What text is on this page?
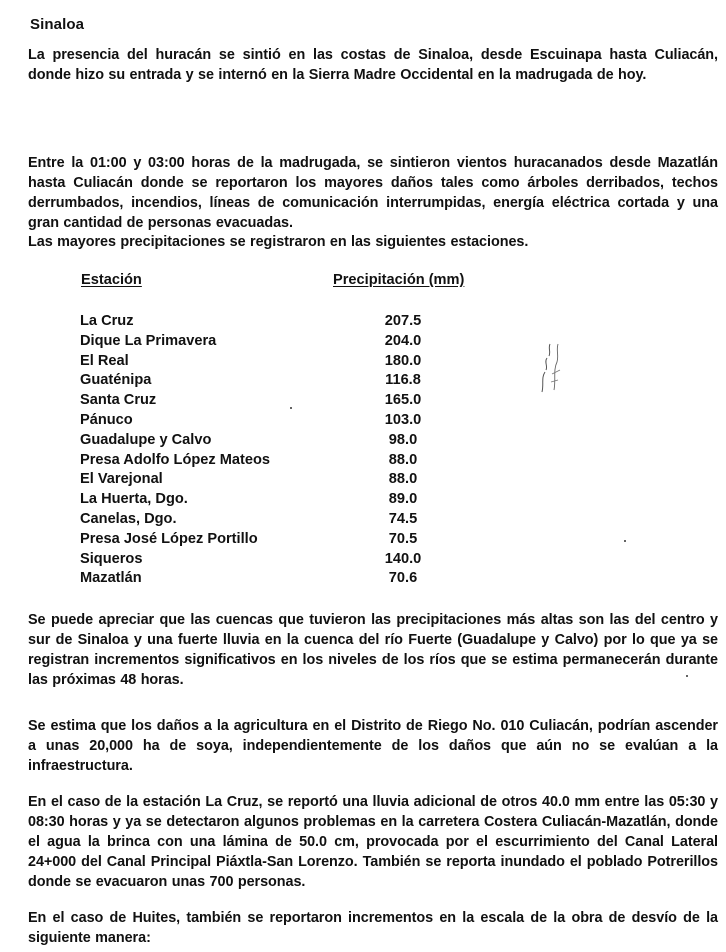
Sinaloa
La presencia del huracán se sintió en las costas de Sinaloa, desde Escuinapa hasta Culiacán, donde hizo su entrada y se internó en la Sierra Madre Occidental en la madrugada de hoy.
Entre la 01:00 y 03:00 horas de la madrugada, se sintieron vientos huracanados desde Mazatlán hasta Culiacán donde se reportaron los mayores daños tales como árboles derribados, techos derrumbados, incendios, líneas de comunicación interrumpidas, energía eléctrica cortada y una gran cantidad de personas evacuadas.
Las mayores precipitaciones se registraron en las siguientes estaciones.
Estación	Precipitación (mm)
La Cruz	207.5
Dique La Primavera	204.0
El Real	180.0
Guaténipa	116.8
Santa Cruz	165.0
Pánuco	103.0
Guadalupe y Calvo	98.0
Presa Adolfo López Mateos	88.0
El Varejonal	88.0
La Huerta, Dgo.	89.0
Canelas, Dgo.	74.5
Presa José López Portillo	70.5
Siqueros	140.0
Mazatlán	70.6
Se puede apreciar que las cuencas que tuvieron las precipitaciones más altas son las del centro y sur de Sinaloa y una fuerte lluvia en la cuenca del río Fuerte (Guadalupe y Calvo) por lo que ya se registran incrementos significativos en los niveles de los ríos que se estima permanecerán durante las próximas 48 horas.
Se estima que los daños a la agricultura en el Distrito de Riego No. 010 Culiacán, podrían ascender a unas 20,000 ha de soya, independientemente de los daños que aún no se evalúan a la infraestructura.
En el caso de la estación La Cruz, se reportó una lluvia adicional de otros 40.0 mm entre las 05:30 y 08:30 horas y ya se detectaron algunos problemas en la carretera Costera Culiacán-Mazatlán, donde el agua la brinca con una lámina de 50.0 cm, provocada por el escurrimiento del Canal Lateral 24+000 del Canal Principal Piáxtla-San Lorenzo. También se reporta inundado el poblado Potrerillos donde se evacuaron unas 700 personas.
En el caso de Huites, también se reportaron incrementos en la escala de la obra de desvío de la siguiente manera:
